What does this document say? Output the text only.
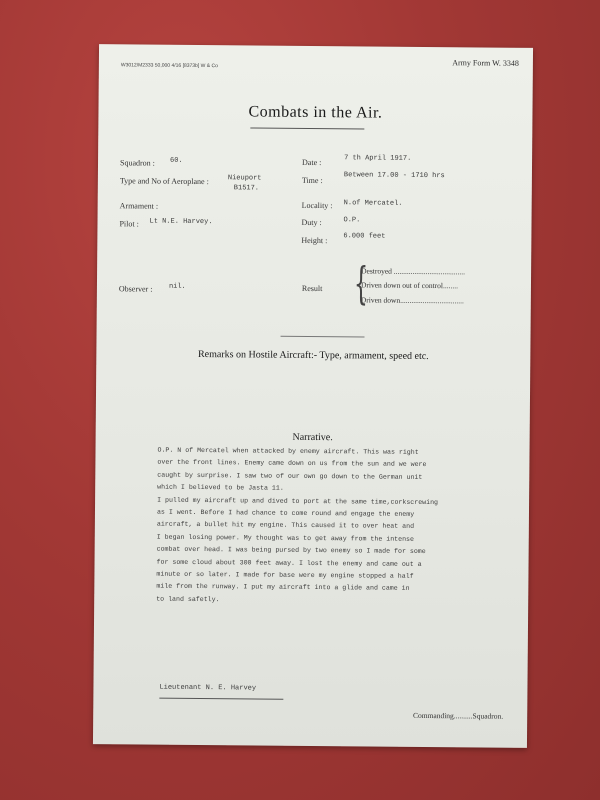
W3012/M2333 50,000 4/16 [8373b] W & Co	Army Form W. 3348
Combats in the Air.
Squadron : 60.
Type and No of Aeroplane :	Nieuport
B1517.
Armament :
Pilot : Lt N.E. Harvey.
Observer : nil.
Date :	7 th April 1917.
Time :
Between 17.00 - 1710 hrs
Locality : N.of Mercatel.
Duty :	O.P.
Height : 6.000 feet
Result {
Destroyed ......................................
Driven down out of control........
Driven down..................................
Remarks on Hostile Aircraft:- Type, armament, speed etc.
Narrative.
O.P. N of Mercatel when attacked by enemy aircraft. This was right
over the front lines. Enemy came down on us from the sun and we were
caught by surprise. I saw two of our own go down to the German unit
which I believed to be Jasta 11.
I pulled my aircraft up and dived to port at the same time,corkscrewing
as I went. Before I had chance to come round and engage the enemy
aircraft, a bullet hit my engine. This caused it to over heat and
I began losing power. My thought was to get away from the intense
combat over head. I was being pursed by two enemy so I made for some
for some cloud about 300 feet away. I lost the enemy and came out a
minute or so later. I made for base were my engine stopped a half
mile from the runway. I put my aircraft into a glide and came in
to land safetly.
Lieutenant N. E. Harvey
Commanding..........Squadron.
